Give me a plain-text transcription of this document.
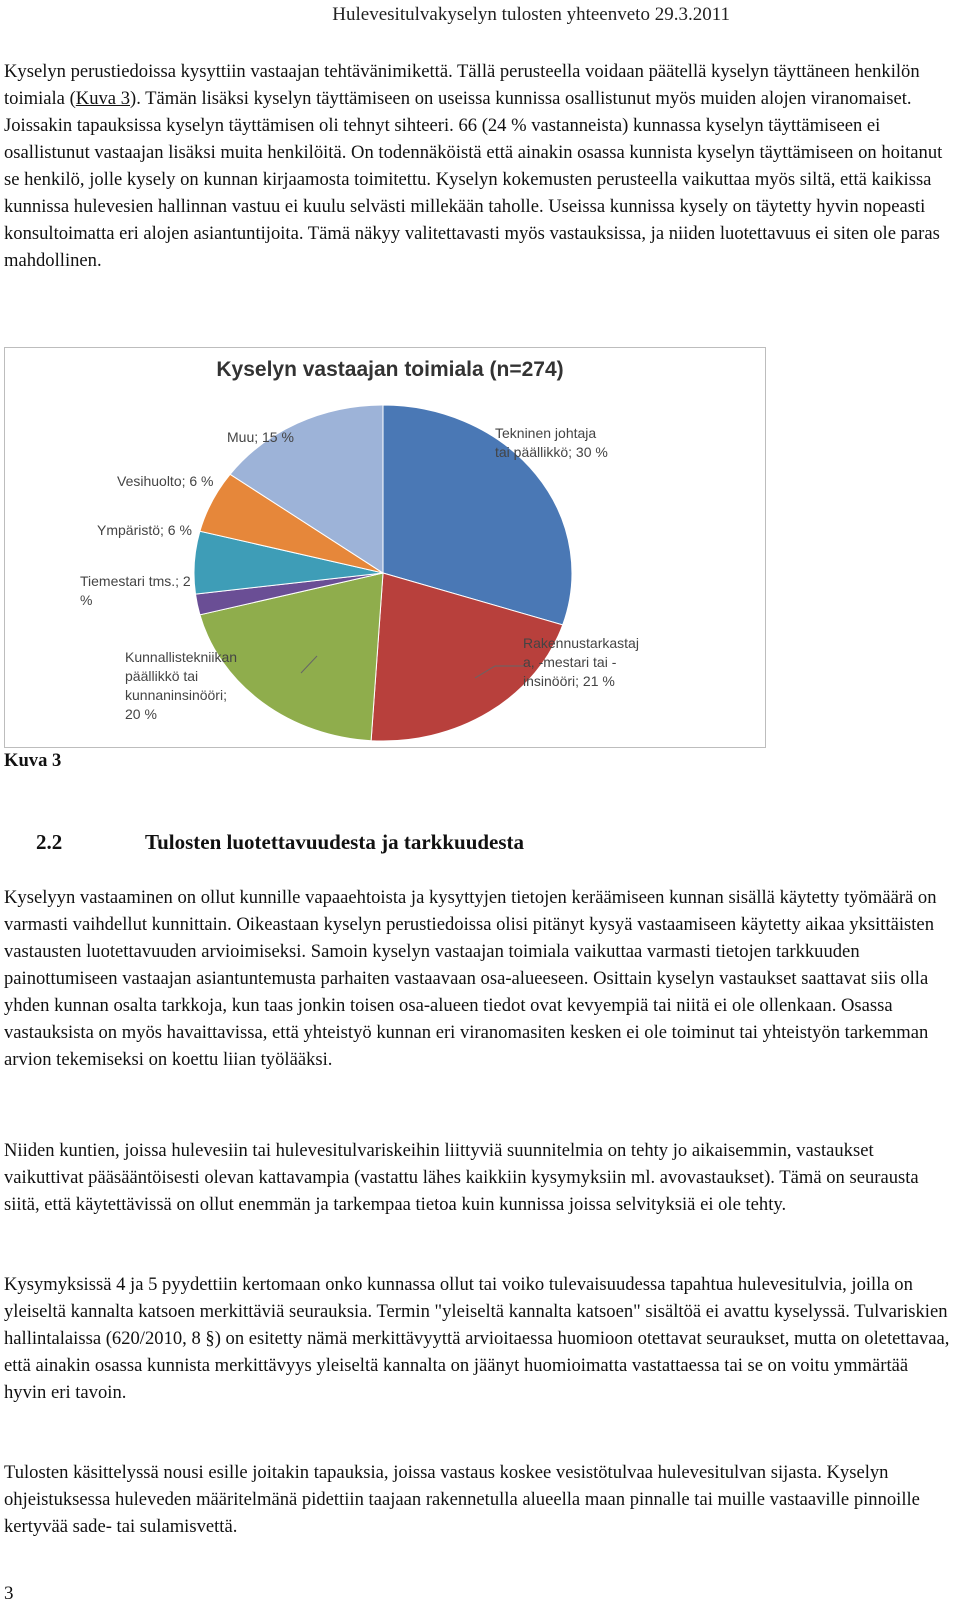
Hulevesitulvakyselyn tulosten yhteenveto 29.3.2011

Kyselyn perustiedoissa kysyttiin vastaajan tehtävänimikettä. Tällä perusteella voidaan päätellä kyselyn täyttäneen henkilön toimiala (Kuva 3). Tämän lisäksi kyselyn täyttämiseen on useissa kunnissa osallistunut myös muiden alojen viranomaiset. Joissakin tapauksissa kyselyn täyttämisen oli tehnyt sihteeri. 66 (24 % vastanneista) kunnassa kyselyn täyttämiseen ei osallistunut vastaajan lisäksi muita henkilöitä. On todennäköistä että ainakin osassa kunnista kyselyn täyttämiseen on hoitanut se henkilö, jolle kysely on kunnan kirjaamosta toimitettu. Kyselyn kokemusten perusteella vaikuttaa myös siltä, että kaikissa kunnissa hulevesien hallinnan vastuu ei kuulu selvästi millekään taholle. Useissa kunnissa kysely on täytetty hyvin nopeasti konsultoimatta eri alojen asiantuntijoita. Tämä näkyy valitettavasti myös vastauksissa, ja niiden luotettavuus ei siten ole paras mahdollinen.

Kyselyn vastaajan toimiala (n=274)
Tekninen johtaja tai päällikkö; 30 %
Rakennustarkastaj a, -mestari tai -insinööri; 21 %
Kunnallistekniikan päällikkö tai kunnaninsinööri; 20 %
Tiemestari tms.; 2 %
Ympäristö; 6 %
Vesihuolto; 6 %
Muu; 15 %
Kuva 3
2.2	Tulosten luotettavuudesta ja tarkkuudesta

Kyselyyn vastaaminen on ollut kunnille vapaaehtoista ja kysyttyjen tietojen keräämiseen kunnan sisällä käytetty työmäärä on varmasti vaihdellut kunnittain. Oikeastaan kyselyn perustiedoissa olisi pitänyt kysyä vastaamiseen käytetty aikaa yksittäisten vastausten luotettavuuden arvioimiseksi. Samoin kyselyn vastaajan toimiala vaikuttaa varmasti tietojen tarkkuuden painottumiseen vastaajan asiantuntemusta parhaiten vastaavaan osa-alueeseen. Osittain kyselyn vastaukset saattavat siis olla yhden kunnan osalta tarkkoja, kun taas jonkin toisen osa-alueen tiedot ovat kevyempiä tai niitä ei ole ollenkaan. Osassa vastauksista on myös havaittavissa, että yhteistyö kunnan eri viranomasiten kesken ei ole toiminut tai yhteistyön tarkemman arvion tekemiseksi on koettu liian työlääksi.

Niiden kuntien, joissa hulevesiin tai hulevesitulvariskeihin liittyviä suunnitelmia on tehty jo aikaisemmin, vastaukset vaikuttivat pääsääntöisesti olevan kattavampia (vastattu lähes kaikkiin kysymyksiin ml. avovastaukset). Tämä on seurausta siitä, että käytettävissä on ollut enemmän ja tarkempaa tietoa kuin kunnissa joissa selvityksiä ei ole tehty.

Kysymyksissä 4 ja 5 pyydettiin kertomaan onko kunnassa ollut tai voiko tulevaisuudessa tapahtua hulevesitulvia, joilla on yleiseltä kannalta katsoen merkittäviä seurauksia. Termin "yleiseltä kannalta katsoen" sisältöä ei avattu kyselyssä. Tulvariskien hallintalaissa (620/2010, 8 §) on esitetty nämä merkittävyyttä arvioitaessa huomioon otettavat seuraukset, mutta on oletettavaa, että ainakin osassa kunnista merkittävyys yleiseltä kannalta on jäänyt huomioimatta vastattaessa tai se on voitu ymmärtää hyvin eri tavoin.

Tulosten käsittelyssä nousi esille joitakin tapauksia, joissa vastaus koskee vesistötulvaa hulevesitulvan sijasta. Kyselyn ohjeistuksessa huleveden määritelmänä pidettiin taajaan rakennetulla alueella maan pinnalle tai muille vastaaville pinnoille kertyvää sade- tai sulamisvettä.

3
